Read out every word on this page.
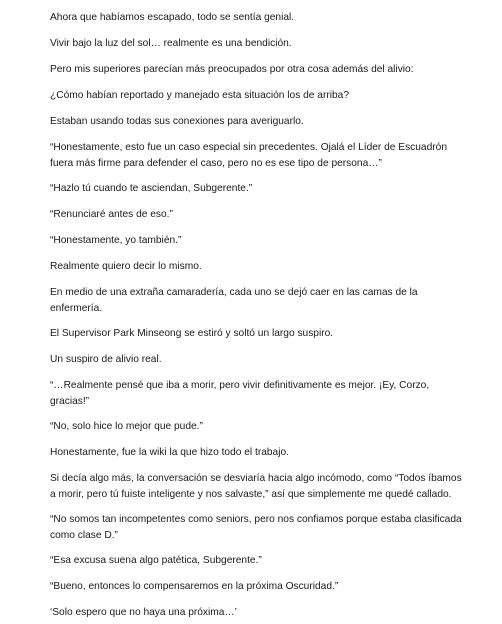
Ahora que habíamos escapado, todo se sentía genial.

Vivir bajo la luz del sol… realmente es una bendición.

Pero mis superiores parecían más preocupados por otra cosa además del alivio:

¿Cómo habían reportado y manejado esta situación los de arriba?

Estaban usando todas sus conexiones para averiguarlo.

“Honestamente, esto fue un caso especial sin precedentes. Ojalá el Líder de Escuadrón fuera más firme para defender el caso, pero no es ese tipo de persona…”

“Hazlo tú cuando te asciendan, Subgerente.”

“Renunciaré antes de eso.”

“Honestamente, yo también.”

Realmente quiero decir lo mismo.

En medio de una extraña camaradería, cada uno se dejó caer en las camas de la enfermería.

El Supervisor Park Minseong se estiró y soltó un largo suspiro.

Un suspiro de alivio real.

“…Realmente pensé que iba a morir, pero vivir definitivamente es mejor. ¡Ey, Corzo, gracias!”

“No, solo hice lo mejor que pude.”

Honestamente, fue la wiki la que hizo todo el trabajo.

Si decía algo más, la conversación se desviaría hacia algo incómodo, como “Todos íbamos a morir, pero tú fuiste inteligente y nos salvaste,” así que simplemente me quedé callado.

“No somos tan incompetentes como seniors, pero nos confiamos porque estaba clasificada como clase D.”

“Esa excusa suena algo patética, Subgerente.”

“Bueno, entonces lo compensaremos en la próxima Oscuridad.”

‘Solo espero que no haya una próxima…’
